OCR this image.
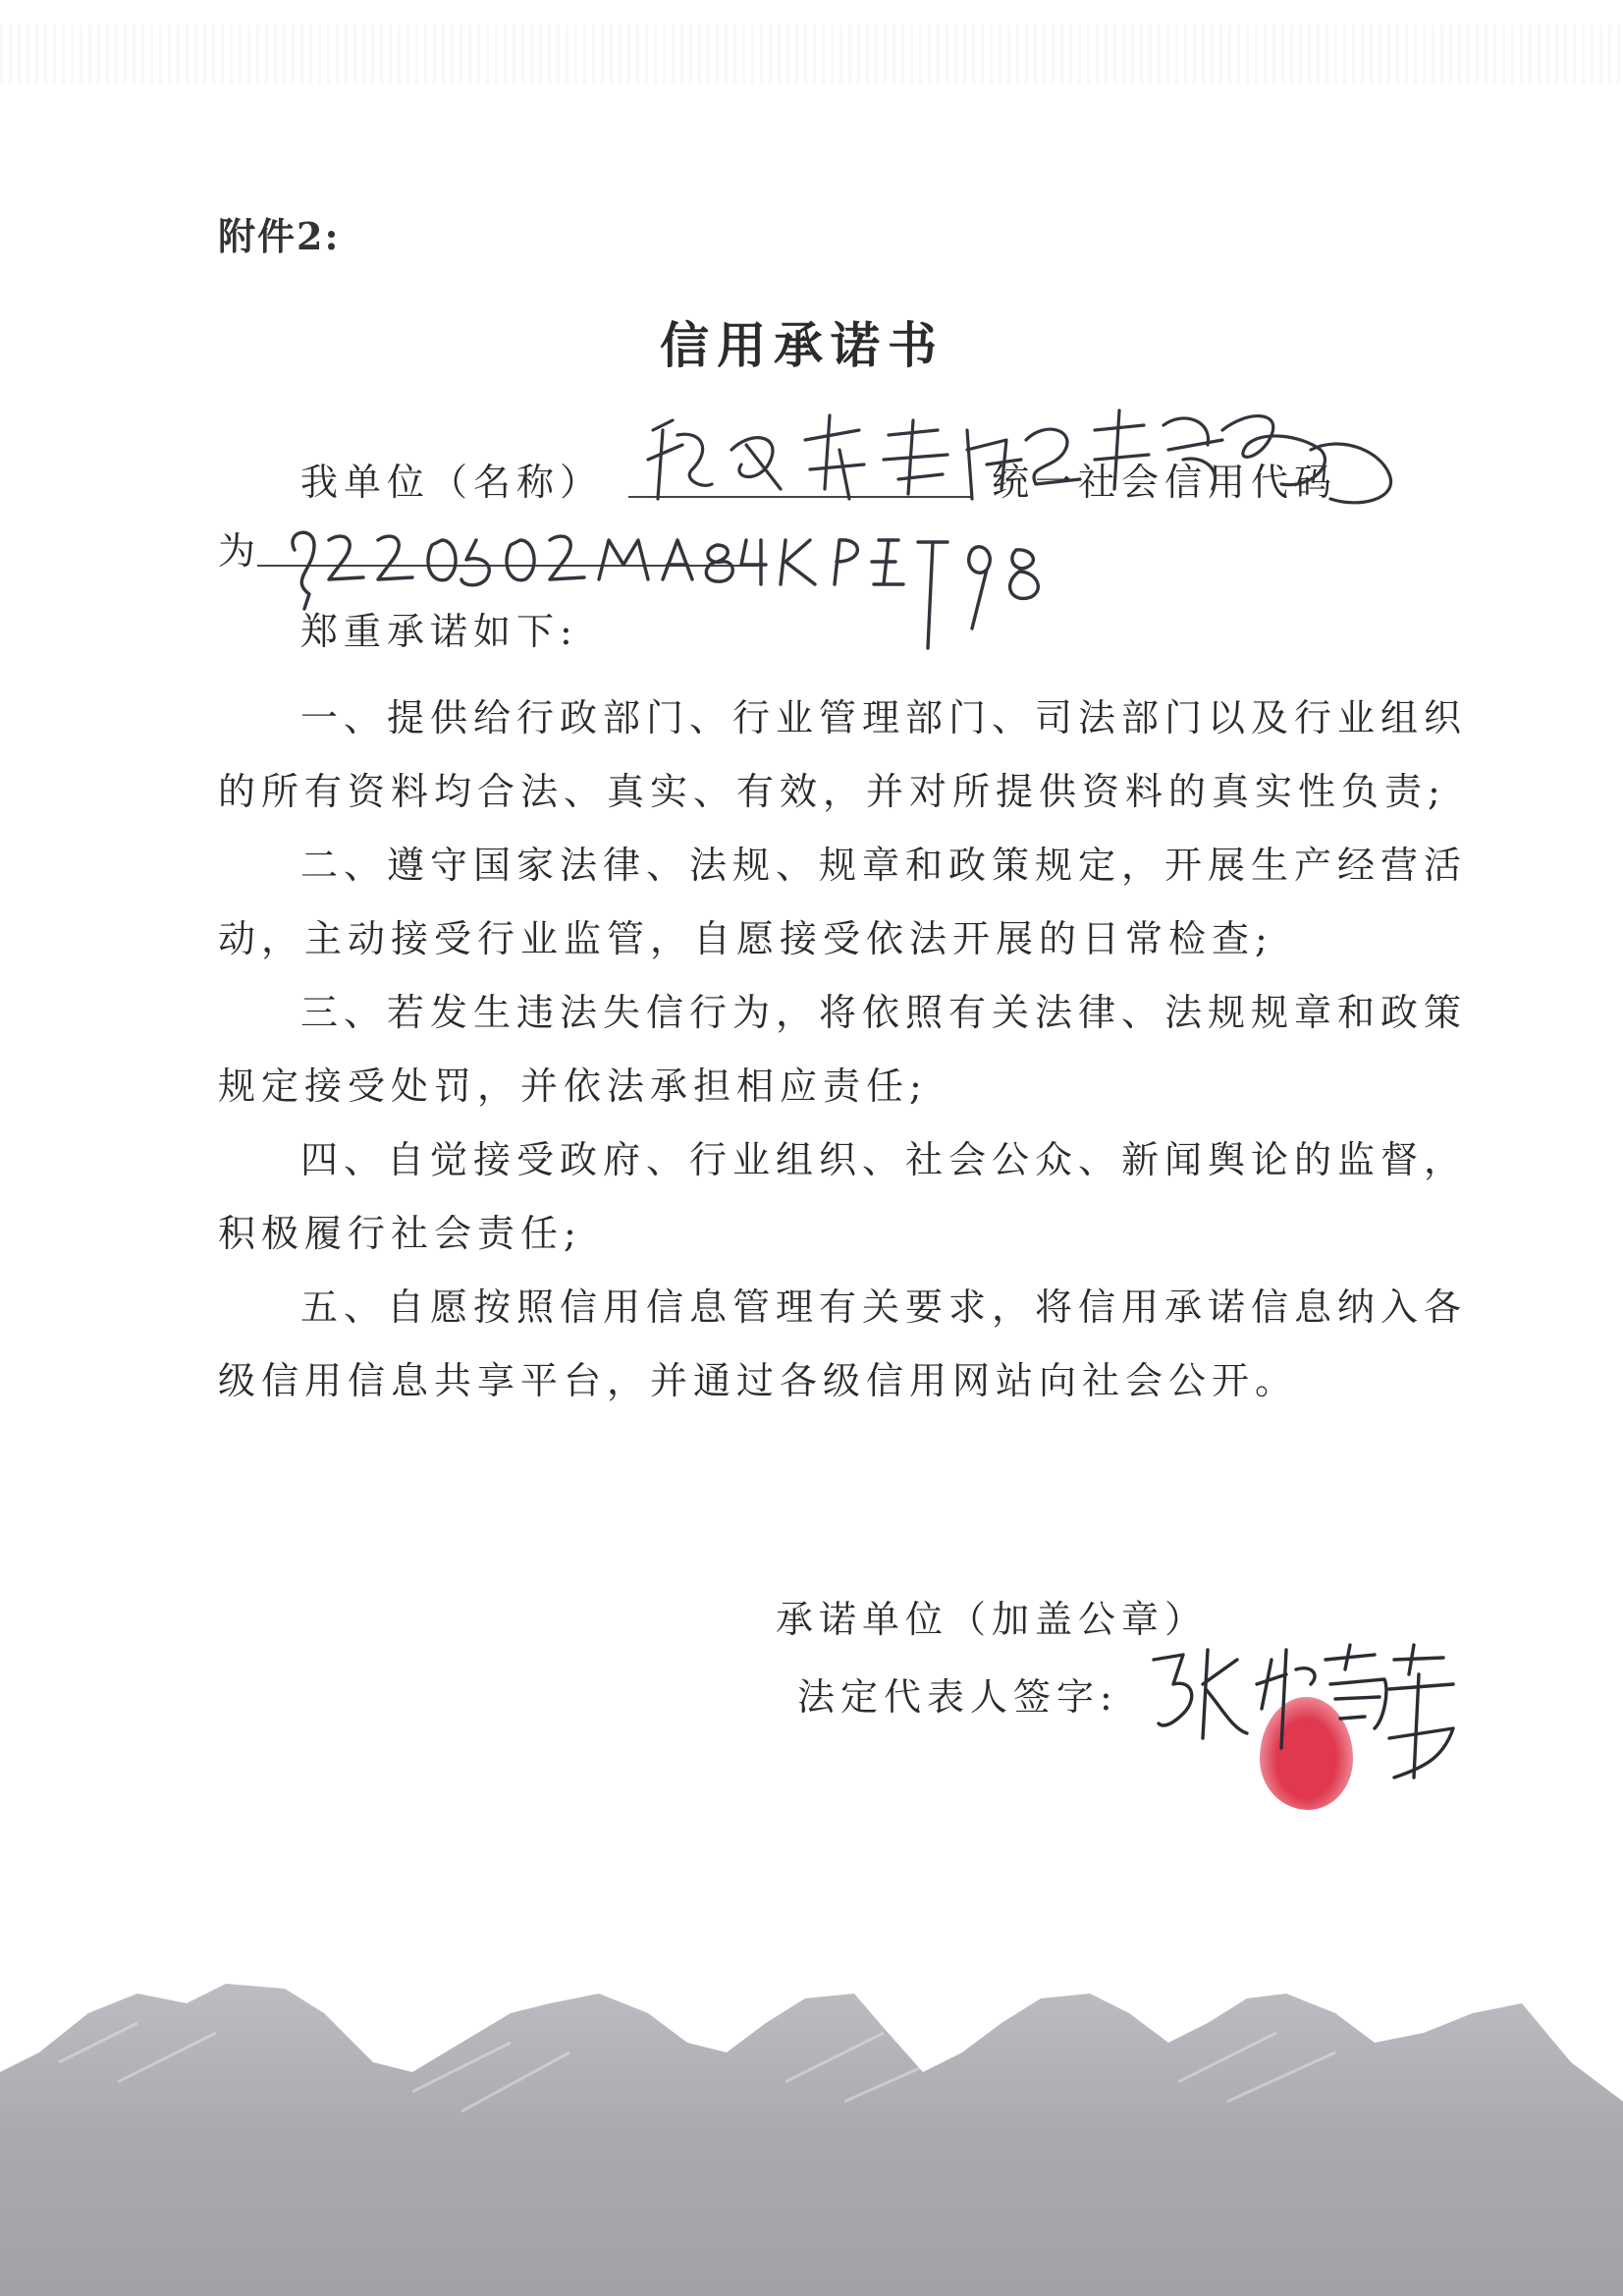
附件2:
信用承诺书
我单位（名称）	统一社会信用代码
为
郑重承诺如下:
一、提供给行政部门、行业管理部门、司法部门以及行业组织
的所有资料均合法、真实、有效，并对所提供资料的真实性负责;
二、遵守国家法律、法规、规章和政策规定，开展生产经营活
动，主动接受行业监管，自愿接受依法开展的日常检查;
三、若发生违法失信行为，将依照有关法律、法规规章和政策
规定接受处罚，并依法承担相应责任;
四、自觉接受政府、行业组织、社会公众、新闻舆论的监督，
积极履行社会责任;
五、自愿按照信用信息管理有关要求，将信用承诺信息纳入各
级信用信息共享平台，并通过各级信用网站向社会公开。
承诺单位（加盖公章）
法定代表人签字:
